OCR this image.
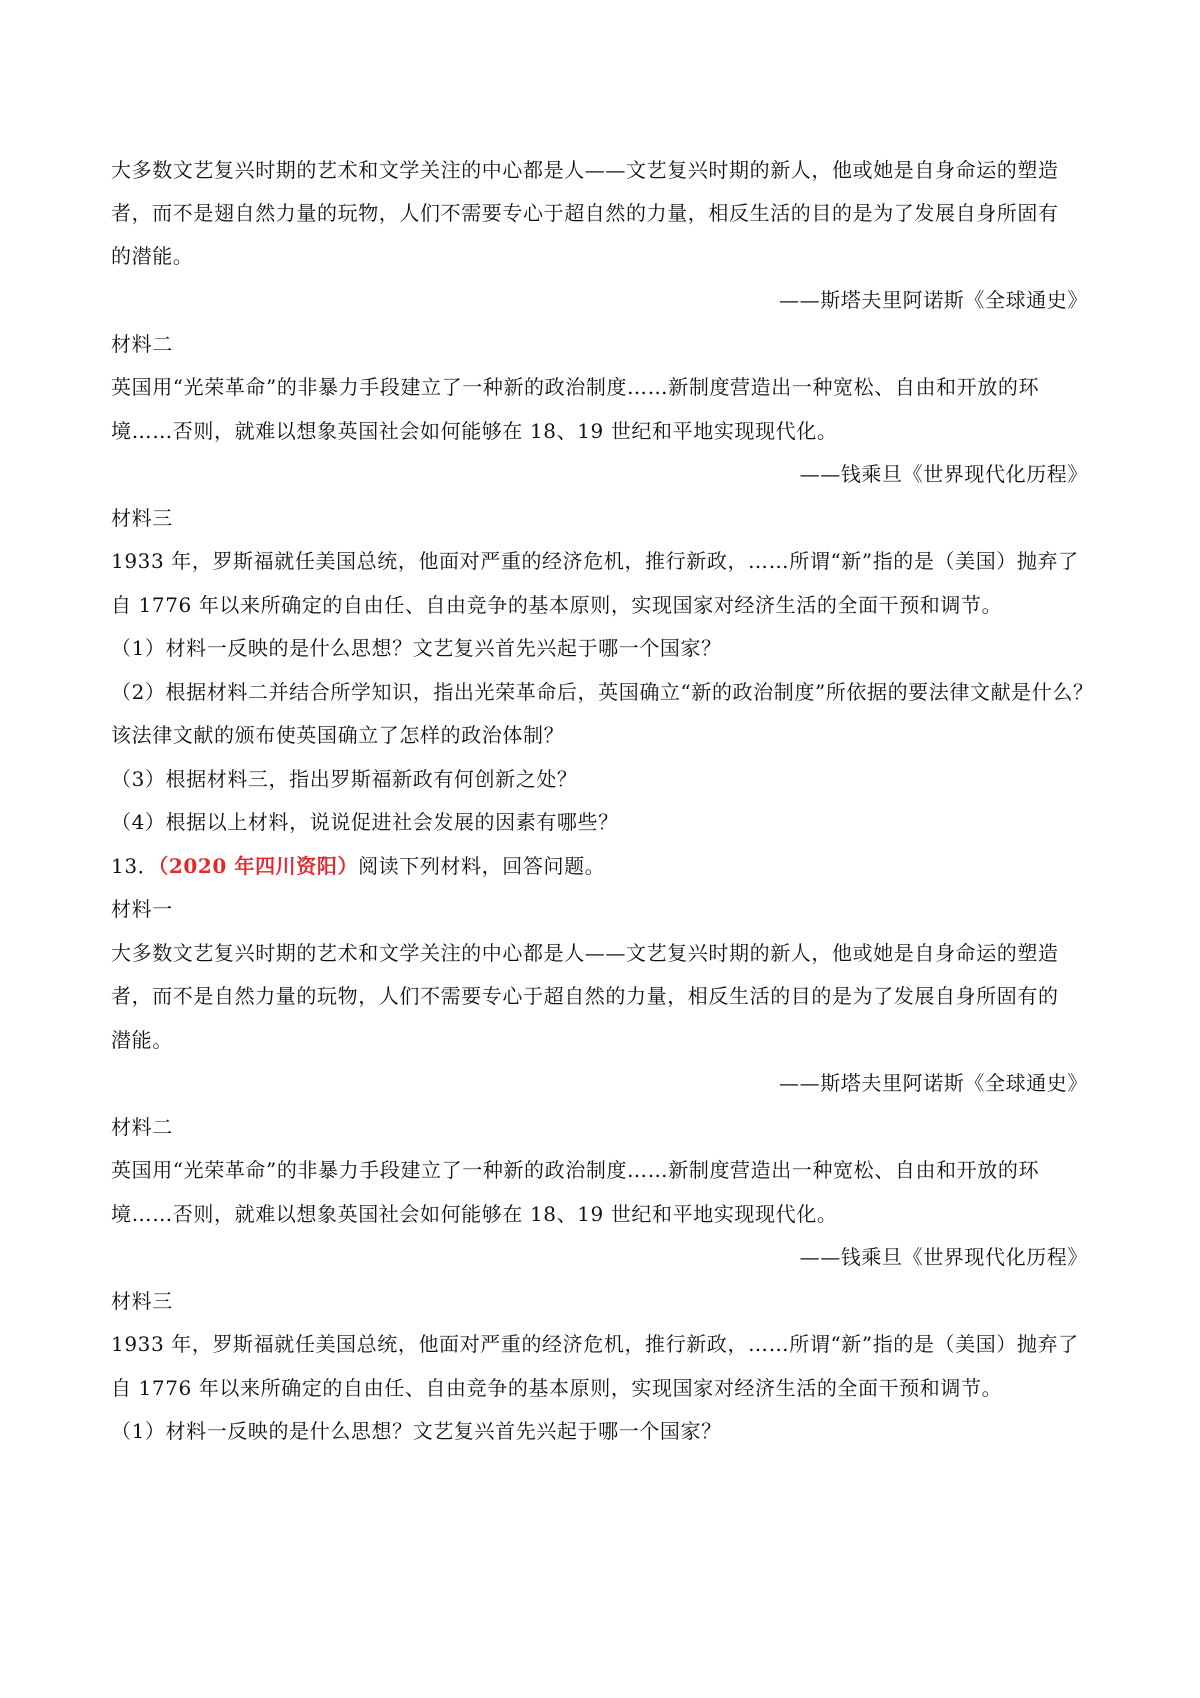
大多数文艺复兴时期的艺术和文学关注的中心都是人——文艺复兴时期的新人，他或她是自身命运的塑造
者，而不是翅自然力量的玩物，人们不需要专心于超自然的力量，相反生活的目的是为了发展自身所固有
的潜能。
——斯塔夫里阿诺斯《全球通史》
材料二
英国用“光荣革命”的非暴力手段建立了一种新的政治制度……新制度营造出一种宽松、自由和开放的环
境……否则，就难以想象英国社会如何能够在 18、19 世纪和平地实现现代化。
——钱乘旦《世界现代化历程》
材料三
1933 年，罗斯福就任美国总统，他面对严重的经济危机，推行新政，……所谓“新”指的是（美国）抛弃了
自 1776 年以来所确定的自由任、自由竞争的基本原则，实现国家对经济生活的全面干预和调节。
（1）材料一反映的是什么思想？文艺复兴首先兴起于哪一个国家？
（2）根据材料二并结合所学知识，指出光荣革命后，英国确立“新的政治制度”所依据的要法律文献是什么？
该法律文献的颁布使英国确立了怎样的政治体制？
（3）根据材料三，指出罗斯福新政有何创新之处？
（4）根据以上材料，说说促进社会发展的因素有哪些？
13．（2020 年四川资阳）阅读下列材料，回答问题。
材料一
大多数文艺复兴时期的艺术和文学关注的中心都是人——文艺复兴时期的新人，他或她是自身命运的塑造
者，而不是自然力量的玩物，人们不需要专心于超自然的力量，相反生活的目的是为了发展自身所固有的
潜能。
——斯塔夫里阿诺斯《全球通史》
材料二
英国用“光荣革命”的非暴力手段建立了一种新的政治制度……新制度营造出一种宽松、自由和开放的环
境……否则，就难以想象英国社会如何能够在 18、19 世纪和平地实现现代化。
——钱乘旦《世界现代化历程》
材料三
1933 年，罗斯福就任美国总统，他面对严重的经济危机，推行新政，……所谓“新”指的是（美国）抛弃了
自 1776 年以来所确定的自由任、自由竞争的基本原则，实现国家对经济生活的全面干预和调节。
（1）材料一反映的是什么思想？文艺复兴首先兴起于哪一个国家？
